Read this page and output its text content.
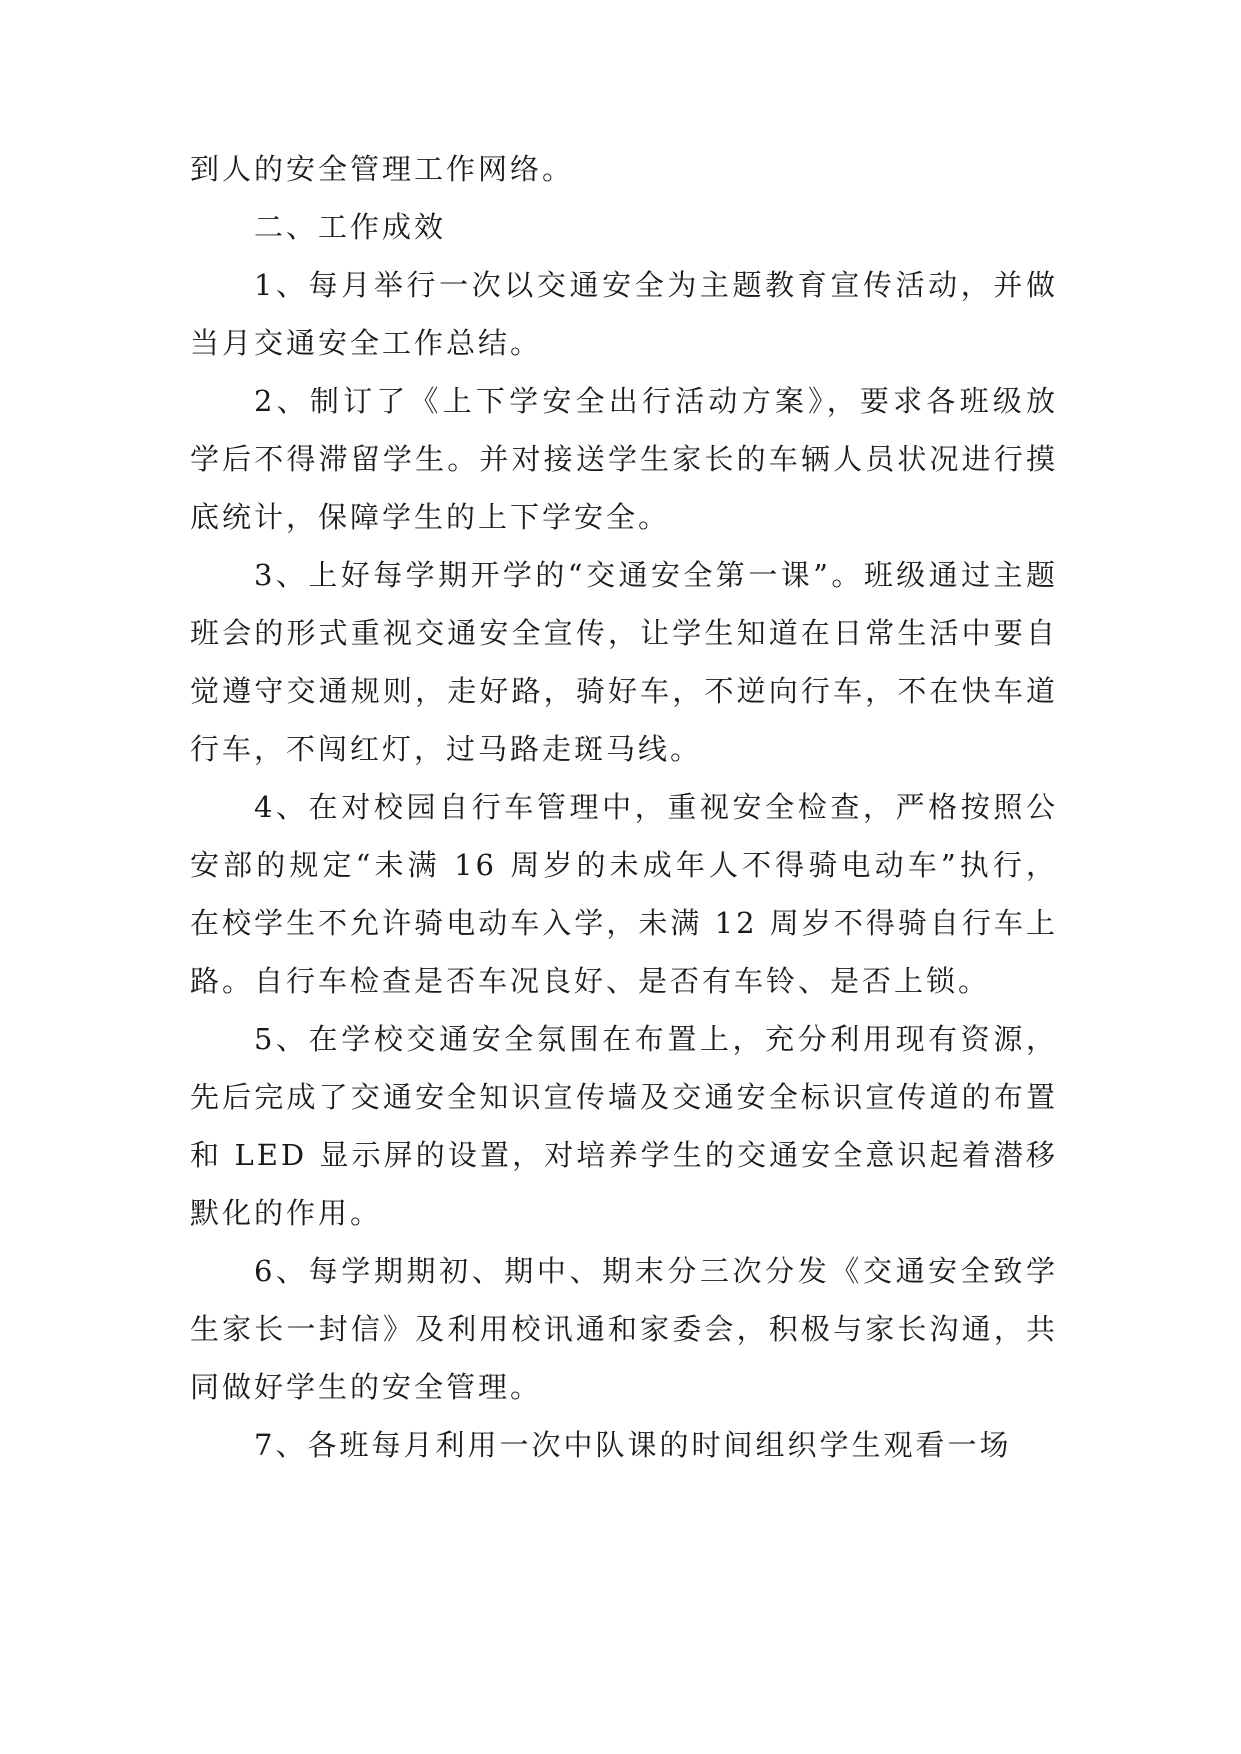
到人的安全管理工作网络。

二、工作成效

1、每月举行一次以交通安全为主题教育宣传活动，并做当月交通安全工作总结。

2、制订了《上下学安全出行活动方案》，要求各班级放学后不得滞留学生。并对接送学生家长的车辆人员状况进行摸底统计，保障学生的上下学安全。

3、上好每学期开学的“交通安全第一课”。班级通过主题班会的形式重视交通安全宣传，让学生知道在日常生活中要自觉遵守交通规则，走好路，骑好车，不逆向行车，不在快车道行车，不闯红灯，过马路走斑马线。

4、在对校园自行车管理中，重视安全检查，严格按照公安部的规定“未满 16 周岁的未成年人不得骑电动车”执行，在校学生不允许骑电动车入学，未满 12 周岁不得骑自行车上路。自行车检查是否车况良好、是否有车铃、是否上锁。

5、在学校交通安全氛围在布置上，充分利用现有资源，先后完成了交通安全知识宣传墙及交通安全标识宣传道的布置和 LED 显示屏的设置，对培养学生的交通安全意识起着潜移默化的作用。

6、每学期期初、期中、期末分三次分发《交通安全致学生家长一封信》及利用校讯通和家委会，积极与家长沟通，共同做好学生的安全管理。

7、各班每月利用一次中队课的时间组织学生观看一场
